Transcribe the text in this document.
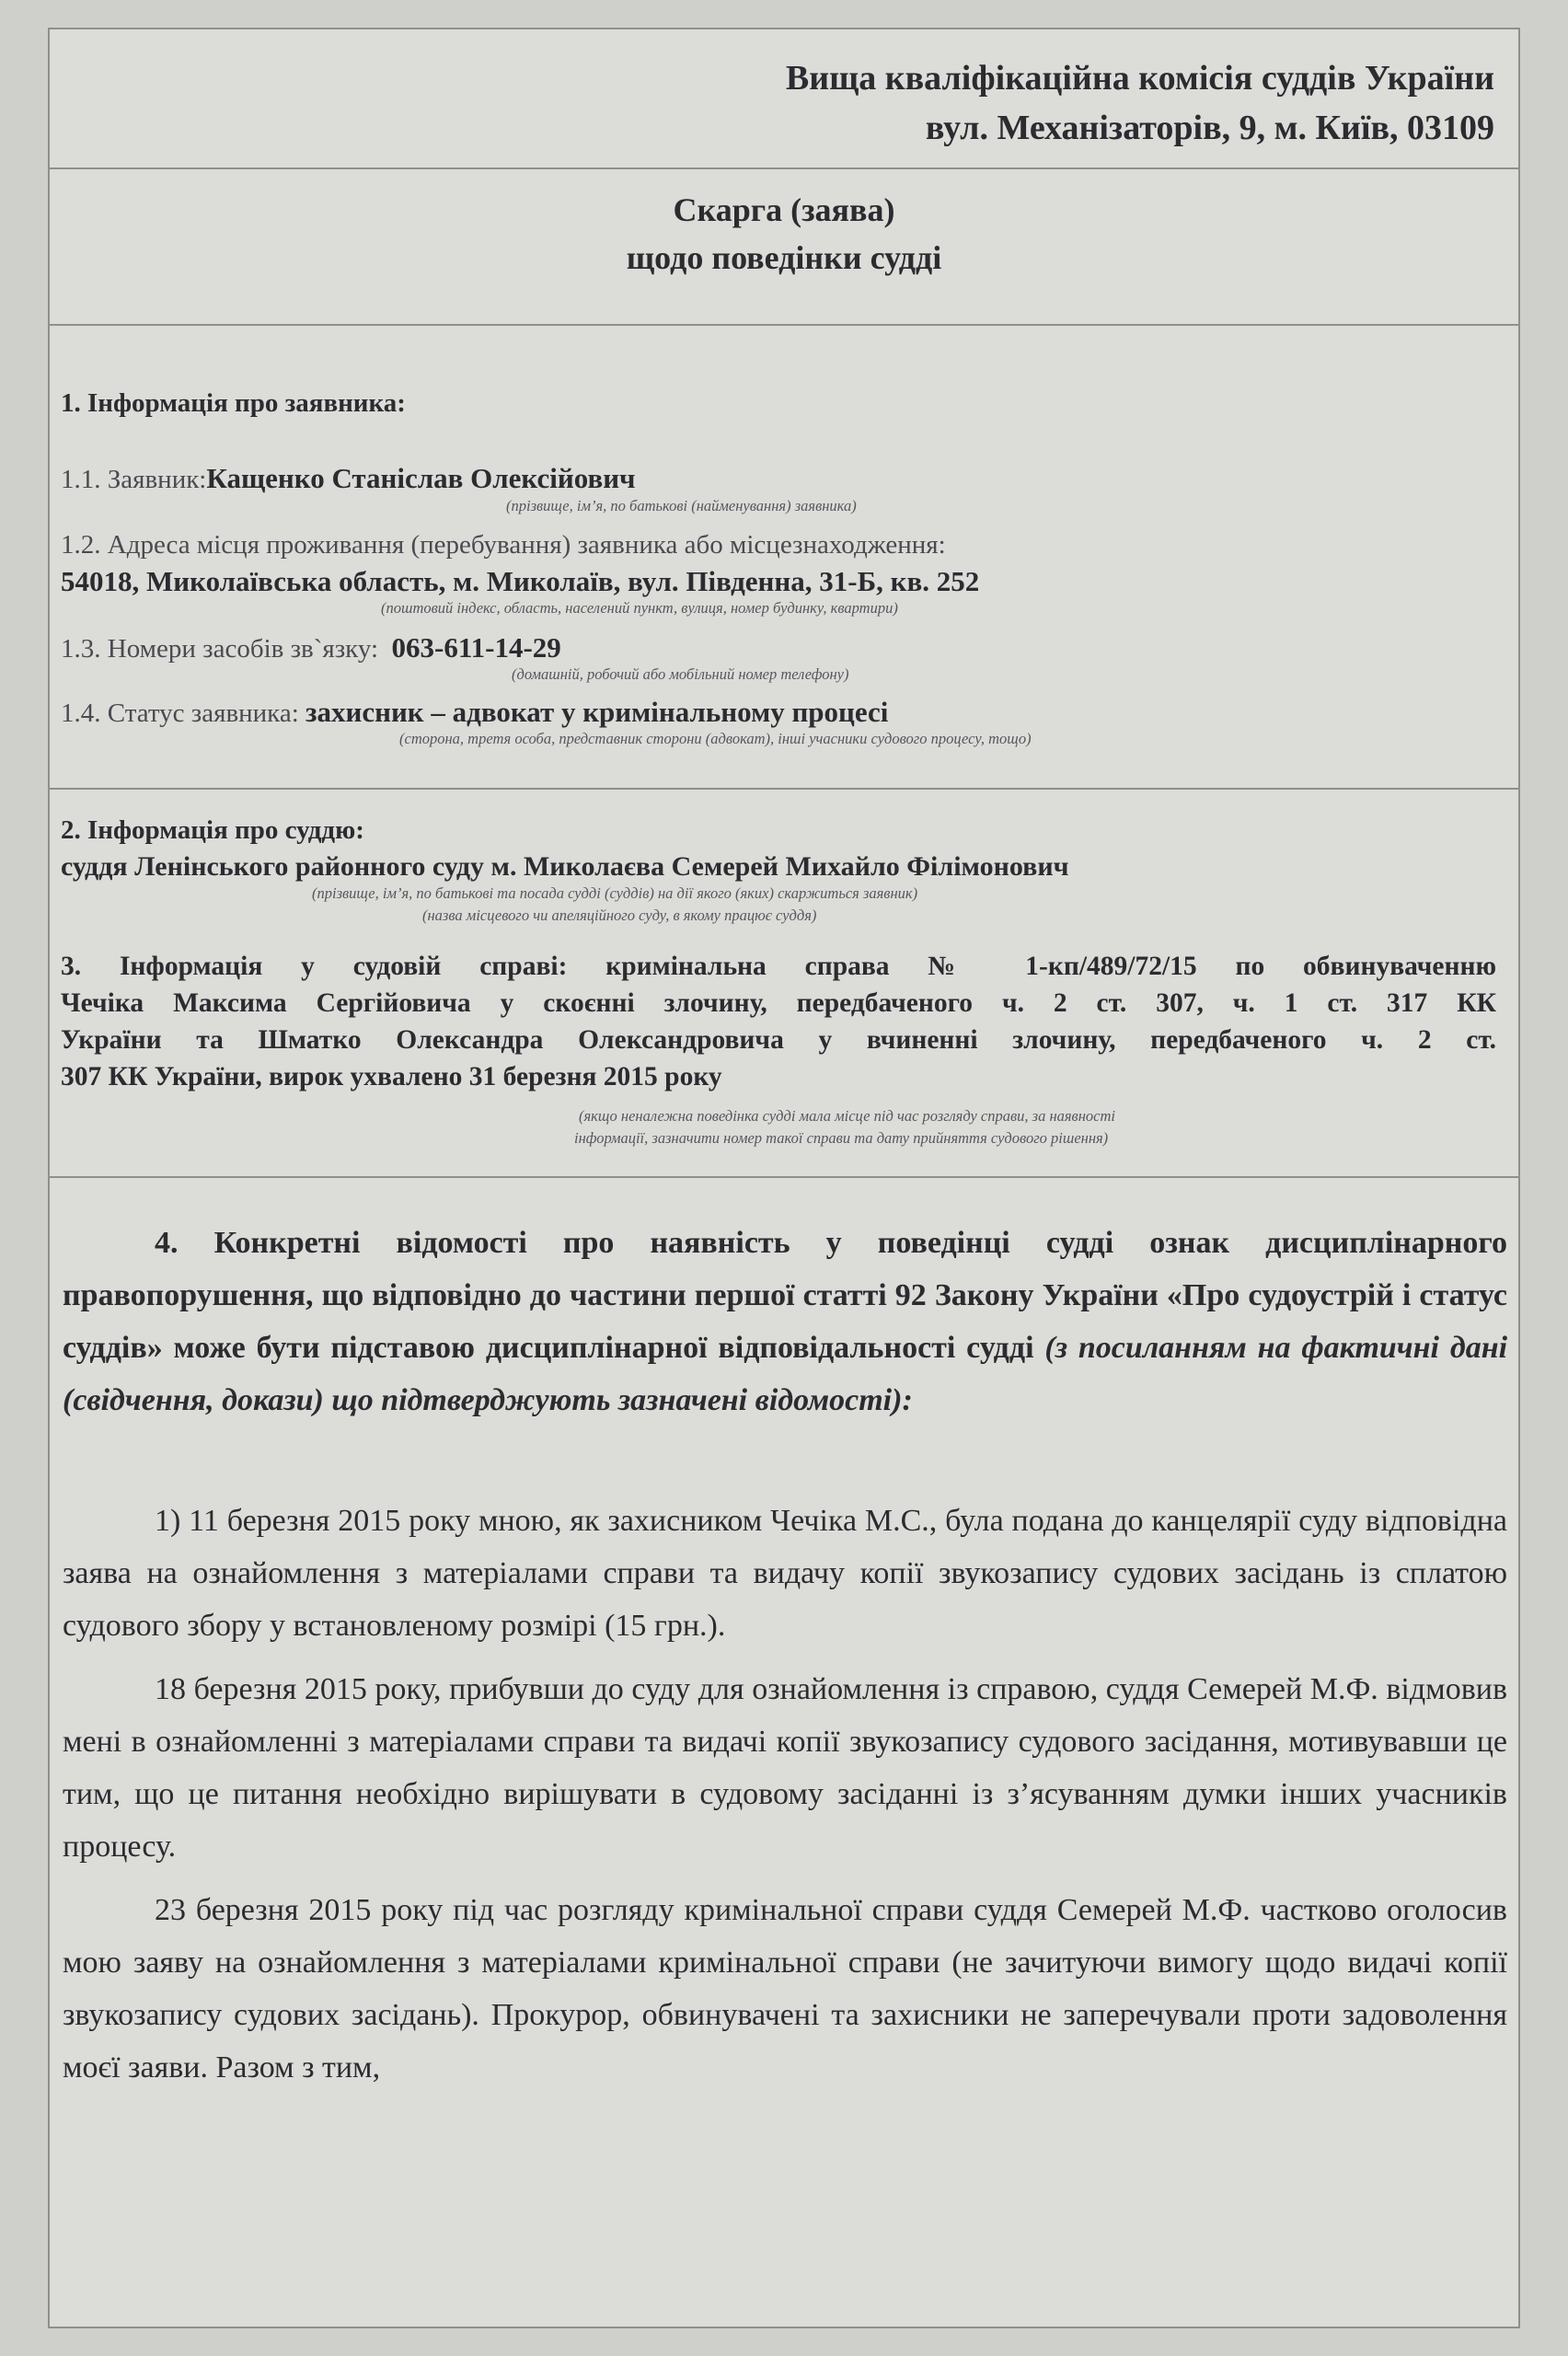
Вища кваліфікаційна комісія суддів України
вул. Механізаторів, 9, м. Київ, 03109
Скарга (заява)
щодо поведінки судді
1. Інформація про заявника:
1.1. Заявник:Кащенко Станіслав Олексійович
(прізвище, ім’я, по батькові (найменування) заявника)
1.2. Адреса місця проживання (перебування) заявника або місцезнаходження:
54018, Миколаївська область, м. Миколаїв, вул. Південна, 31-Б, кв. 252
(поштовий індекс, область, населений пункт, вулиця, номер будинку, квартири)
1.3. Номери засобів зв`язку: 063-611-14-29
(домашній, робочий або мобільний номер телефону)
1.4. Статус заявника: захисник – адвокат у кримінальному процесі
(сторона, третя особа, представник сторони (адвокат), інші учасники судового процесу, тощо)
2. Інформація про суддю:
суддя Ленінського районного суду м. Миколаєва Семерей Михайло Філімонович
(прізвище, ім’я, по батькові та посада судді (суддів) на дії якого (яких) скаржиться заявник)
(назва місцевого чи апеляційного суду, в якому працює суддя)
3. Інформація у судовій справі: кримінальна справа № 1-кп/489/72/15 по обвинуваченню
Чечіка Максима Сергійовича у скоєнні злочину, передбаченого ч. 2 ст. 307, ч. 1 ст. 317 КК
України та Шматко Олександра Олександровича у вчиненні злочину, передбаченого ч. 2 ст.
307 КК України, вирок ухвалено 31 березня 2015 року
(якщо неналежна поведінка судді мала місце під час розгляду справи, за наявності
інформації, зазначити номер такої справи та дату прийняття судового рішення)
4. Конкретні відомості про наявність у поведінці судді ознак дисциплінарного правопорушення, що відповідно до частини першої статті 92 Закону України «Про судоустрій і статус суддів» може бути підставою дисциплінарної відповідальності судді (з посиланням на фактичні дані (свідчення, докази) що підтверджують зазначені відомості):

1) 11 березня 2015 року мною, як захисником Чечіка М.С., була подана до канцелярії суду відповідна заява на ознайомлення з матеріалами справи та видачу копії звукозапису судових засідань із сплатою судового збору у встановленому розмірі (15 грн.).

18 березня 2015 року, прибувши до суду для ознайомлення із справою, суддя Семерей М.Ф. відмовив мені в ознайомленні з матеріалами справи та видачі копії звукозапису судового засідання, мотивувавши це тим, що це питання необхідно вирішувати в судовому засіданні із з’ясуванням думки інших учасників процесу.

23 березня 2015 року під час розгляду кримінальної справи суддя Семерей М.Ф. частково оголосив мою заяву на ознайомлення з матеріалами кримінальної справи (не зачитуючи вимогу щодо видачі копії звукозапису судових засідань). Прокурор, обвинувачені та захисники не заперечували проти задоволення моєї заяви. Разом з тим,
